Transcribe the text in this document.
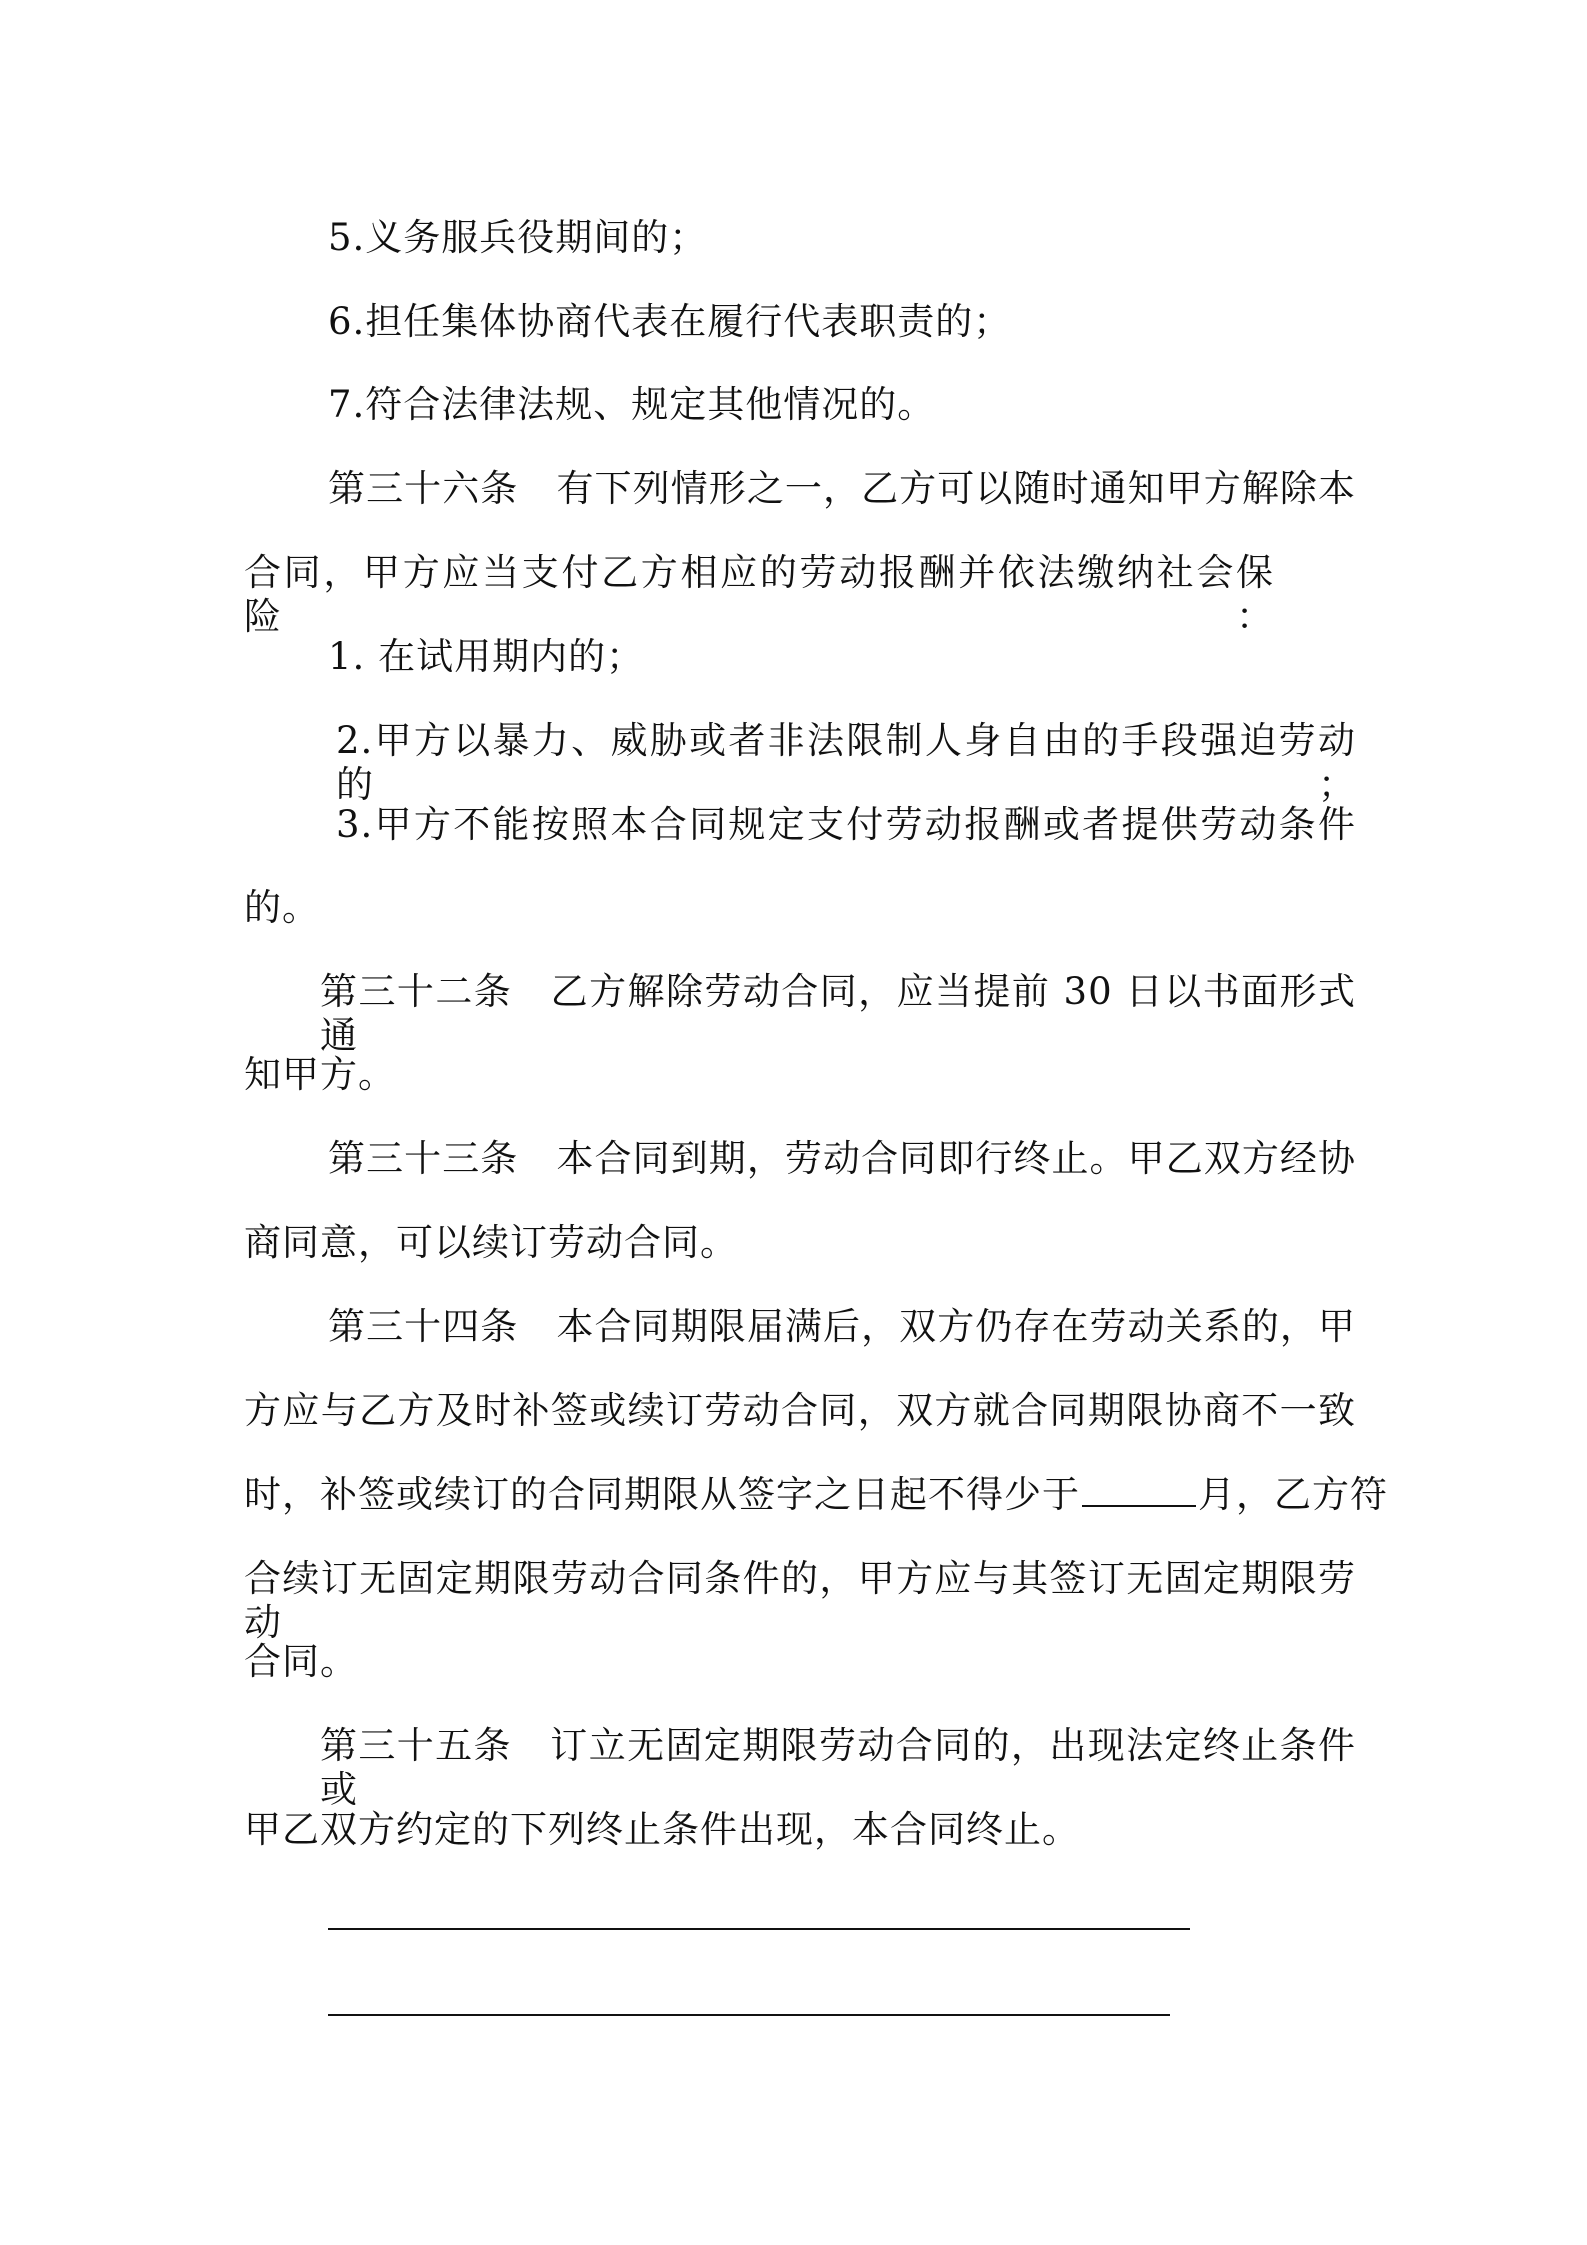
5.义务服兵役期间的；
6.担任集体协商代表在履行代表职责的；
7.符合法律法规、规定其他情况的。
第三十六条　有下列情形之一，乙方可以随时通知甲方解除本
合同，甲方应当支付乙方相应的劳动报酬并依法缴纳社会保险：
1. 在试用期内的；
2.甲方以暴力、威胁或者非法限制人身自由的手段强迫劳动的；
3.甲方不能按照本合同规定支付劳动报酬或者提供劳动条件
的。
第三十二条　乙方解除劳动合同，应当提前 30 日以书面形式通
知甲方。
第三十三条　本合同到期，劳动合同即行终止。甲乙双方经协
商同意，可以续订劳动合同。
第三十四条　本合同期限届满后，双方仍存在劳动关系的，甲
方应与乙方及时补签或续订劳动合同，双方就合同期限协商不一致
时，补签或续订的合同期限从签字之日起不得少于	月，乙方符
合续订无固定期限劳动合同条件的，甲方应与其签订无固定期限劳动
合同。
第三十五条　订立无固定期限劳动合同的，出现法定终止条件或
甲乙双方约定的下列终止条件出现，本合同终止。
